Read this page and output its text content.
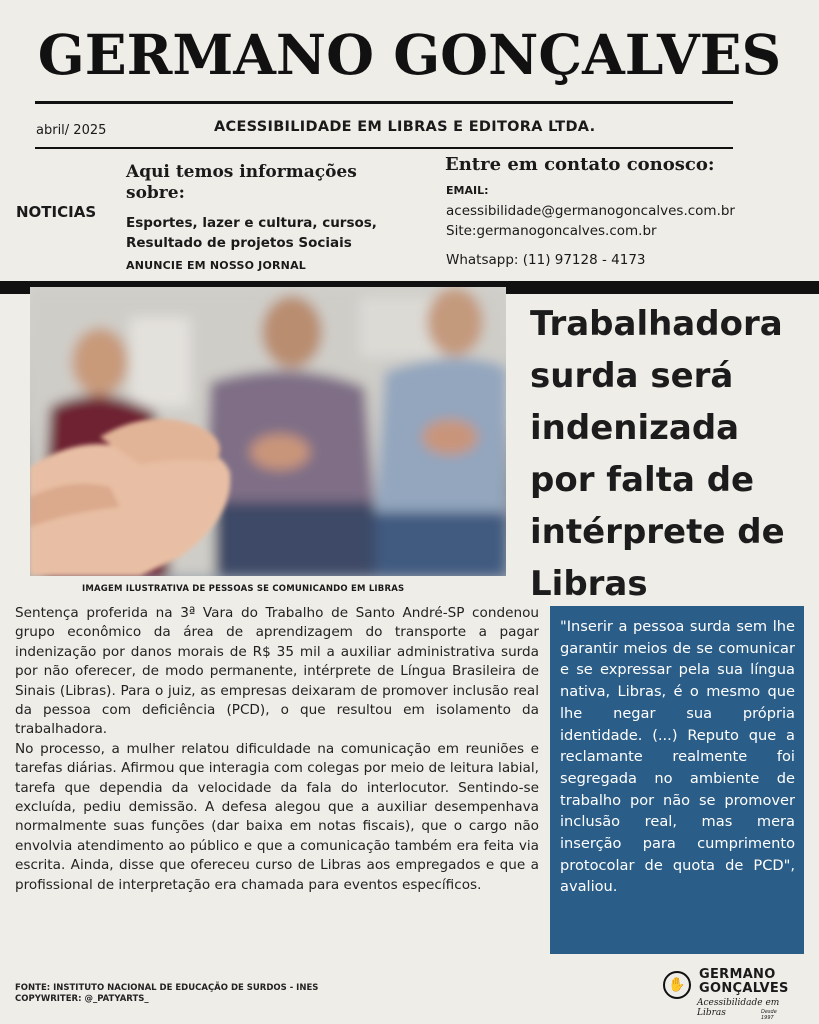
GERMANO GONÇALVES
abril/ 2025	ACESSIBILIDADE EM LIBRAS E EDITORA LTDA.
NOTICIAS
Aqui temos informações sobre:
Esportes, lazer e cultura, cursos,
Resultado de projetos Sociais
ANUNCIE EM NOSSO JORNAL
Entre em contato conosco:
EMAIL:
acessibilidade@germanogoncalves.com.br
Site:germanogoncalves.com.br
Whatsapp: (11) 97128 - 4173
IMAGEM ILUSTRATIVA DE PESSOAS SE COMUNICANDO EM LIBRAS
Trabalhadora surda será indenizada por falta de intérprete de Libras

Sentença proferida na 3ª Vara do Trabalho de Santo André-SP condenou grupo econômico da área de aprendizagem do transporte a pagar indenização por danos morais de R$ 35 mil a auxiliar administrativa surda por não oferecer, de modo permanente, intérprete de Língua Brasileira de Sinais (Libras). Para o juiz, as empresas deixaram de promover inclusão real da pessoa com deficiência (PCD), o que resultou em isolamento da trabalhadora.

No processo, a mulher relatou dificuldade na comunicação em reuniões e tarefas diárias. Afirmou que interagia com colegas por meio de leitura labial, tarefa que dependia da velocidade da fala do interlocutor. Sentindo-se excluída, pediu demissão. A defesa alegou que a auxiliar desempenhava normalmente suas funções (dar baixa em notas fiscais), que o cargo não envolvia atendimento ao público e que a comunicação também era feita via escrita. Ainda, disse que ofereceu curso de Libras aos empregados e que a profissional de interpretação era chamada para eventos específicos.

"Inserir a pessoa surda sem lhe garantir meios de se comunicar e se expressar pela sua língua nativa, Libras, é o mesmo que lhe negar sua própria identidade. (...) Reputo que a reclamante realmente foi segregada no ambiente de trabalho por não se promover inclusão real, mas mera inserção para cumprimento protocolar de quota de PCD", avaliou.
FONTE: INSTITUTO NACIONAL DE EDUCAÇÃO DE SURDOS - INES
COPYWRITER: @_PATYARTS_
✋
GERMANO
GONÇALVES
Acessibilidade em Libras	Desde 1997
